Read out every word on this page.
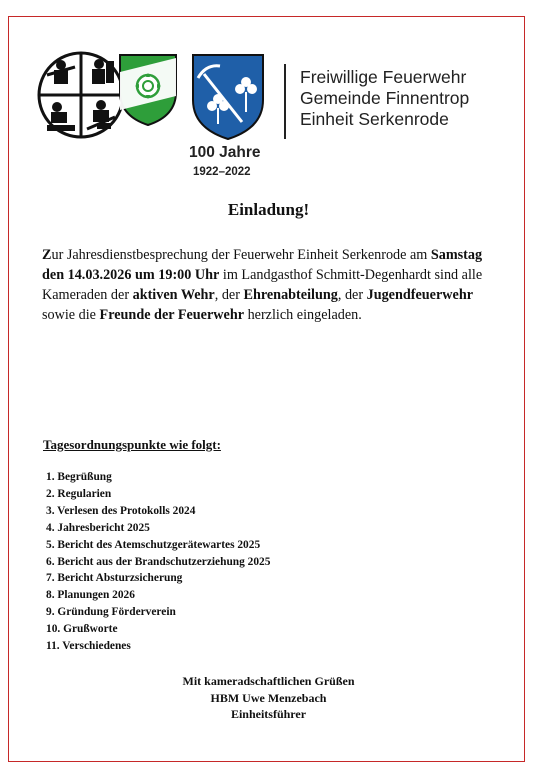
Freiwillige Feuerwehr
Gemeinde Finnentrop
Einheit Serkenrode
100 Jahre
1922–2022
Einladung!
Zur Jahresdienstbesprechung der Feuerwehr Einheit Serkenrode am Samstag den 14.03.2026 um 19:00 Uhr im Landgasthof Schmitt-Degenhardt sind alle Kameraden der aktiven Wehr, der Ehrenabteilung, der Jugendfeuerwehr sowie die Freunde der Feuerwehr herzlich eingeladen.
Tagesordnungspunkte wie folgt:
1. Begrüßung
2. Regularien
3. Verlesen des Protokolls 2024
4. Jahresbericht 2025
5. Bericht des Atemschutzgerätewartes 2025
6. Bericht aus der Brandschutzerziehung 2025
7. Bericht Absturzsicherung
8. Planungen 2026
9. Gründung Förderverein
10. Grußworte
11. Verschiedenes
Mit kameradschaftlichen Grüßen
HBM Uwe Menzebach
Einheitsführer
